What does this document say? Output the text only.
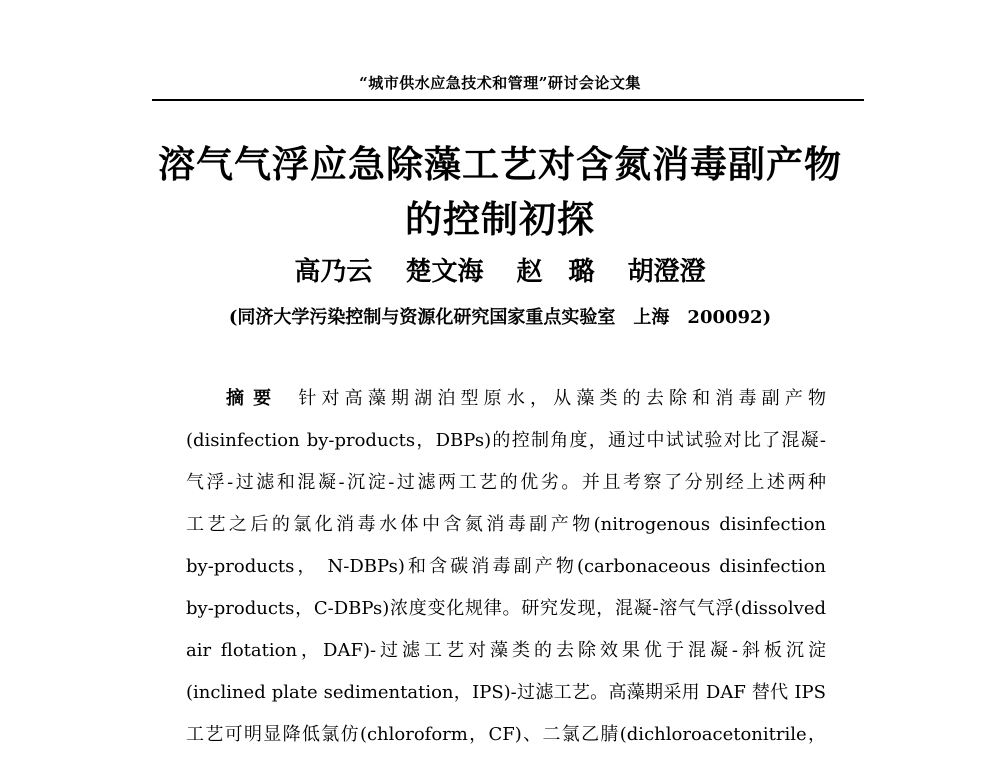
“城市供水应急技术和管理”研讨会论文集
溶气气浮应急除藻工艺对含氮消毒副产物
的控制初探
高乃云 楚文海 赵　璐 胡澄澄
(同济大学污染控制与资源化研究国家重点实验室　上海　200092)
摘要 针对高藻期湖泊型原水，从藻类的去除和消毒副产物
(disinfection by-products，DBPs)的控制角度，通过中试试验对比了混凝-
气浮-过滤和混凝-沉淀-过滤两工艺的优劣。并且考察了分别经上述两种
工艺之后的氯化消毒水体中含氮消毒副产物(nitrogenous disinfection
by-products， N-DBPs)和含碳消毒副产物(carbonaceous disinfection
by-products，C-DBPs)浓度变化规律。研究发现，混凝-溶气气浮(dissolved
air flotation，DAF)-过滤工艺对藻类的去除效果优于混凝-斜板沉淀
(inclined plate sedimentation，IPS)-过滤工艺。高藻期采用 DAF 替代 IPS
工艺可明显降低氯仿(chloroform，CF)、二氯乙腈(dichloroacetonitrile，
